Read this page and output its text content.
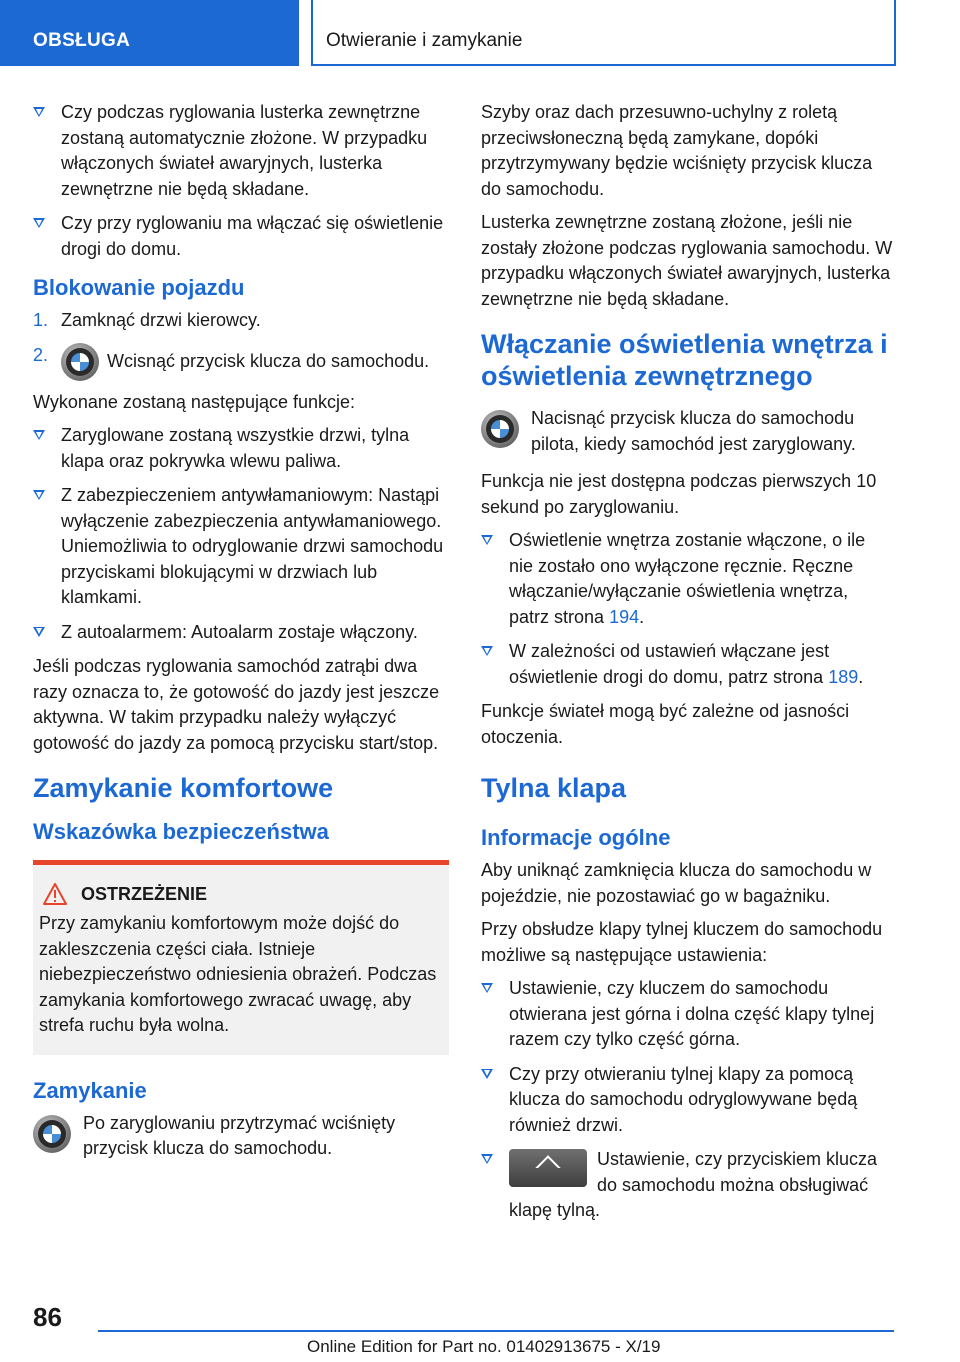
OBSŁUGA	Otwieranie i zamykanie
Czy podczas ryglowania lusterka zewnętrzne zostaną automatycznie złożone. W przypadku włączonych świateł awaryjnych, lusterka zewnętrzne nie będą składane.
Czy przy ryglowaniu ma włączać się oświetlenie drogi do domu.
Blokowanie pojazdu
1. Zamknąć drzwi kierowcy.
2.	Wcisnąć przycisk klucza do samochodu.

Wykonane zostaną następujące funkcje:

Zaryglowane zostaną wszystkie drzwi, tylna klapa oraz pokrywka wlewu paliwa.
Z zabezpieczeniem antywłamaniowym: Nastąpi wyłączenie zabezpieczenia antywłamaniowego. Uniemożliwia to odryglowanie drzwi samochodu przyciskami blokującymi w drzwiach lub klamkami.
Z autoalarmem: Autoalarm zostaje włączony.

Jeśli podczas ryglowania samochód zatrąbi dwa razy oznacza to, że gotowość do jazdy jest jeszcze aktywna. W takim przypadku należy wyłączyć gotowość do jazdy za pomocą przycisku start/stop.

Zamykanie komfortowe
Wskazówka bezpieczeństwa
OSTRZEŻENIE

Przy zamykaniu komfortowym może dojść do zakleszczenia części ciała. Istnieje niebezpieczeństwo odniesienia obrażeń. Podczas zamykania komfortowego zwracać uwagę, aby strefa ruchu była wolna.

Zamykanie

Po zaryglowaniu przytrzymać wciśnięty przycisk klucza do samochodu.

Szyby oraz dach przesuwno-uchylny z roletą przeciwsłoneczną będą zamykane, dopóki przytrzymywany będzie wciśnięty przycisk klucza do samochodu.

Lusterka zewnętrzne zostaną złożone, jeśli nie zostały złożone podczas ryglowania samochodu. W przypadku włączonych świateł awaryjnych, lusterka zewnętrzne nie będą składane.

Włączanie oświetlenia wnętrza i oświetlenia zewnętrznego

Nacisnąć przycisk klucza do samochodu pilota, kiedy samochód jest zaryglowany.

Funkcja nie jest dostępna podczas pierwszych 10 sekund po zaryglowaniu.

Oświetlenie wnętrza zostanie włączone, o ile nie zostało ono wyłączone ręcznie. Ręczne włączanie/wyłączanie oświetlenia wnętrza, patrz strona 194.
W zależności od ustawień włączane jest oświetlenie drogi do domu, patrz strona 189.

Funkcje świateł mogą być zależne od jasności otoczenia.

Tylna klapa
Informacje ogólne

Aby uniknąć zamknięcia klucza do samochodu w pojeździe, nie pozostawiać go w bagażniku.

Przy obsłudze klapy tylnej kluczem do samochodu możliwe są następujące ustawienia:

Ustawienie, czy kluczem do samochodu otwierana jest górna i dolna część klapy tylnej razem czy tylko część górna.
Czy przy otwieraniu tylnej klapy za pomocą klucza do samochodu odryglowywane będą również drzwi.
Ustawienie, czy przyciskiem klucza do samochodu można obsługiwać klapę tylną.
86
Online Edition for Part no. 01402913675 - X/19
